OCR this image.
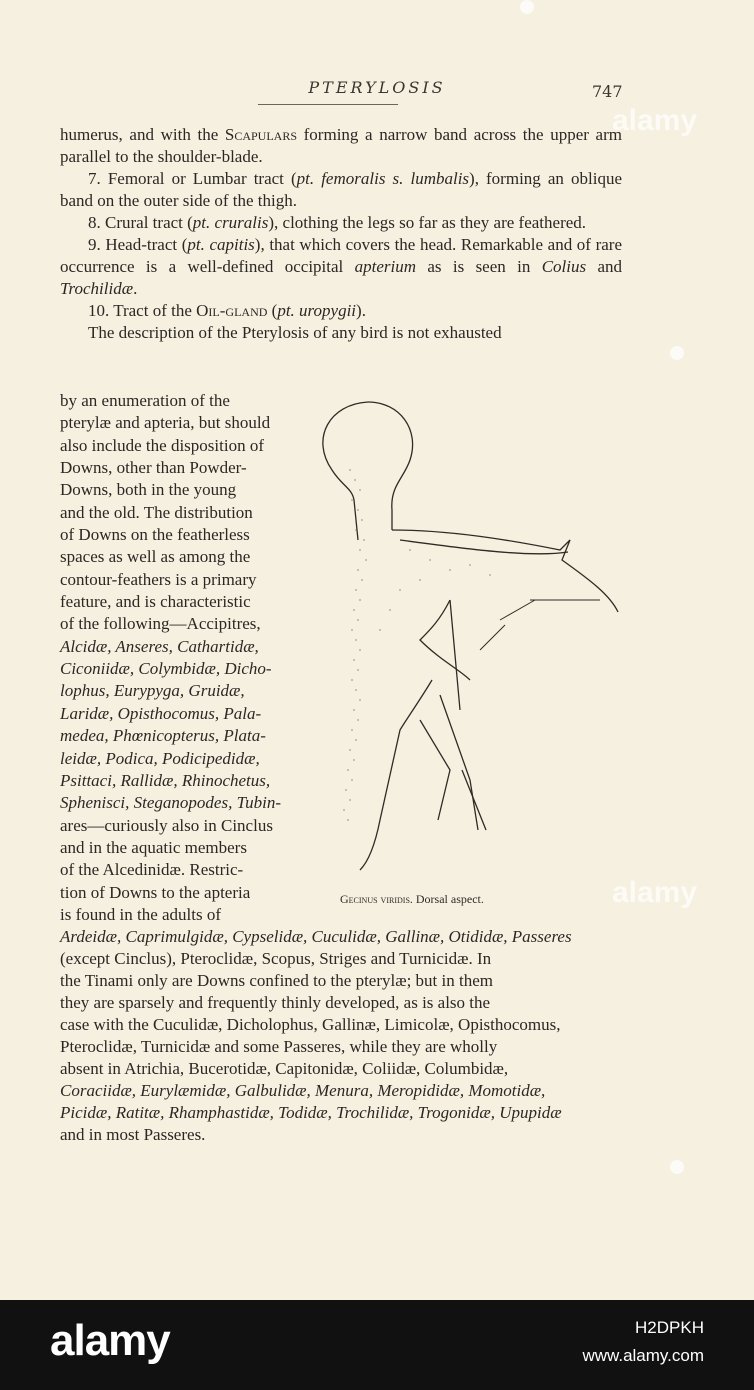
PTERYLOSIS	747

humerus, and with the Scapulars forming a narrow band across the upper arm parallel to the shoulder-blade.

7. Femoral or Lumbar tract (pt. femoralis s. lumbalis), forming an oblique band on the outer side of the thigh.

8. Crural tract (pt. cruralis), clothing the legs so far as they are feathered.

9. Head-tract (pt. capitis), that which covers the head. Remarkable and of rare occurrence is a well-defined occipital apterium as is seen in Colius and Trochilidæ.

10. Tract of the Oil-gland (pt. uropygii).

The description of the Pterylosis of any bird is not exhausted

by an enumeration of the
pterylæ and apteria, but should
also include the disposition of
Downs, other than Powder-
Downs, both in the young
and the old. The distribution
of Downs on the featherless
spaces as well as among the
contour-feathers is a primary
feature, and is characteristic
of the following—Accipitres,
Alcidæ, Anseres, Cathartidæ,
Ciconiidæ, Colymbidæ, Dicho-
lophus, Eurypyga, Gruidæ,
Laridæ, Opisthocomus, Pala-
medea, Phœnicopterus, Plata-
leidæ, Podica, Podicipedidæ,
Psittaci, Rallidæ, Rhinochetus,
Sphenisci, Steganopodes, Tubin-
ares—curiously also in Cinclus
and in the aquatic members
of the Alcedinidæ. Restric-
tion of Downs to the apteria
is found in the adults of
Gecinus viridis. Dorsal aspect.
Ardeidæ, Caprimulgidæ, Cypselidæ, Cuculidæ, Gallinæ, Otididæ, Passeres
(except Cinclus), Pteroclidæ, Scopus, Striges and Turnicidæ. In
the Tinami only are Downs confined to the pterylæ; but in them
they are sparsely and frequently thinly developed, as is also the
case with the Cuculidæ, Dicholophus, Gallinæ, Limicolæ, Opisthocomus,
Pteroclidæ, Turnicidæ and some Passeres, while they are wholly
absent in Atrichia, Bucerotidæ, Capitonidæ, Coliidæ, Columbidæ,
Coraciidæ, Eurylæmidæ, Galbulidæ, Menura, Meropididæ, Momotidæ,
Picidæ, Ratitæ, Rhamphastidæ, Todidæ, Trochilidæ, Trogonidæ, Upupidæ
and in most Passeres.
alamy
alamy
alamy	H2DPKH
www.alamy.com
